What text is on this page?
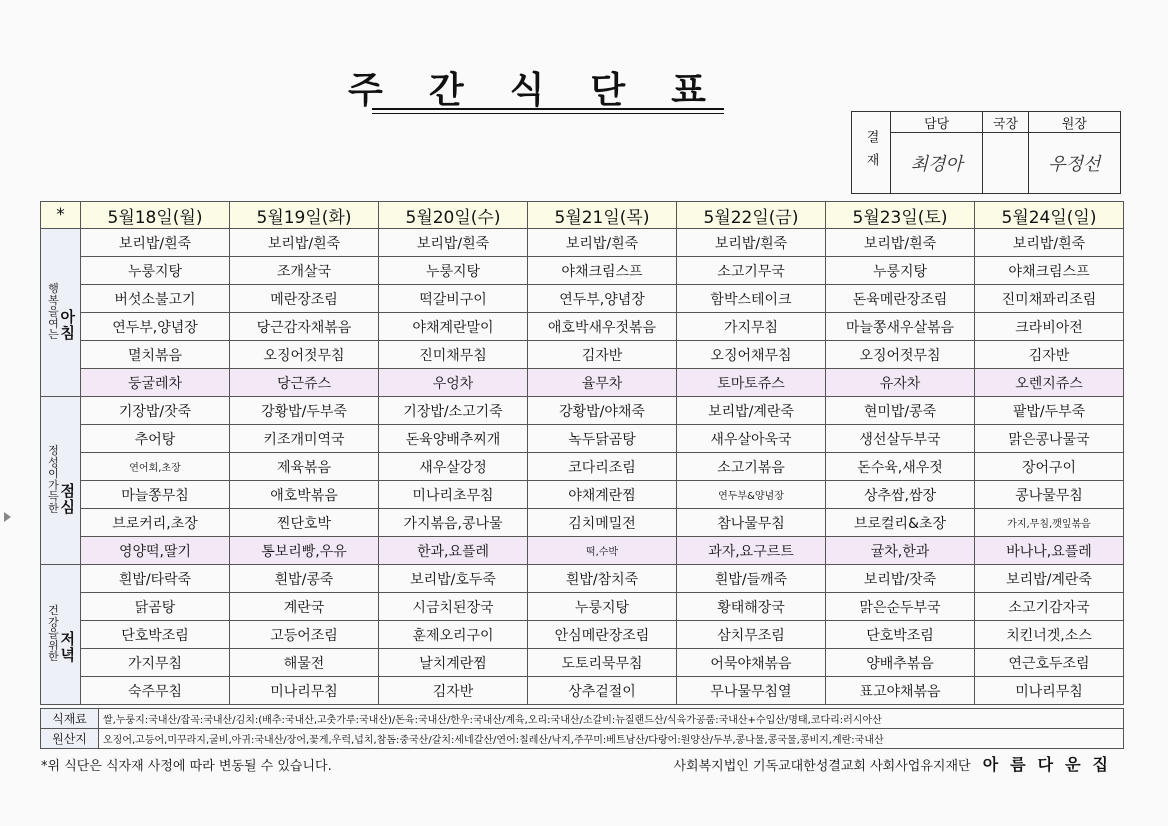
주간식단표
결재	담당	국장	원장
	최경아		우정선
*	5월18일(월)	5월19일(화)	5월20일(수)	5월21일(목)	5월22일(금)	5월23일(토)	5월24일(일)
행복을여는아침	보리밥/흰죽	보리밥/흰죽	보리밥/흰죽	보리밥/흰죽	보리밥/흰죽	보리밥/흰죽	보리밥/흰죽
	누룽지탕	조개살국	누룽지탕	야채크림스프	소고기무국	누룽지탕	야채크림스프
	버섯소불고기	메란장조림	떡갈비구이	연두부,양념장	함박스테이크	돈육메란장조림	진미채꽈리조림
	연두부,양념장	당근감자채볶음	야채계란말이	애호박새우젓볶음	가지무침	마늘쫑새우살볶음	크라비아전
	멸치볶음	오징어젓무침	진미채무침	김자반	오징어채무침	오징어젓무침	김자반
	둥굴레차	당근쥬스	우엉차	율무차	토마토쥬스	유자차	오렌지쥬스
정성이가득한점심	기장밥/잣죽	강황밥/두부죽	기장밥/소고기죽	강황밥/야채죽	보리밥/계란죽	현미밥/콩죽	팥밥/두부죽
	추어탕	키조개미역국	돈육양배추찌개	녹두닭곰탕	새우살아욱국	생선살두부국	맑은콩나물국
	연어회,초장	제육볶음	새우살강정	코다리조림	소고기볶음	돈수육,새우젓	장어구이
	마늘쫑무침	애호박볶음	미나리초무침	야채계란찜	연두부&양념장	상추쌈,쌈장	콩나물무침
	브로커리,초장	찐단호박	가지볶음,콩나물	김치메밀전	참나물무침	브로컬리&초장	가지,무침,깻잎볶음
	영양떡,딸기	통보리빵,우유	한과,요플레	떡,수박	과자,요구르트	귤차,한과	바나나,요플레
건강을위한저녁	흰밥/타락죽	흰밥/콩죽	보리밥/호두죽	흰밥/참치죽	흰밥/들깨죽	보리밥/잣죽	보리밥/계란죽
	닭곰탕	계란국	시금치된장국	누룽지탕	황태해장국	맑은순두부국	소고기감자국
	단호박조림	고등어조림	훈제오리구이	안심메란장조림	삼치무조림	단호박조림	치킨너겟,소스
	가지무침	해물전	날치계란찜	도토리묵무침	어묵야채볶음	양배추볶음	연근호두조림
	숙주무침	미나리무침	김자반	상추겉절이	무나물무침열	표고야채볶음	미나리무침
식재료	쌀,누룽지:국내산/잡곡:국내산/김치:(배추:국내산,고춧가루:국내산)/돈육:국내산/한우:국내산/계육,오리:국내산/소갈비:뉴질랜드산/식육가공품:국내산+수입산/명태,코다리:러시아산
원산지	오징어,고등어,미꾸라지,굴비,아귀:국내산/장어,꽃게,우럭,넙치,참돔:중국산/갈치:세네갈산/연어:칠레산/낙지,주꾸미:베트남산/다랑어:원양산/두부,콩나물,콩국물,콩비지,계란:국내산
*위 식단은 식자재 사정에 따라 변동될 수 있습니다.	사회복지법인 기독교대한성결교회 사회사업유지재단 아름다운집
